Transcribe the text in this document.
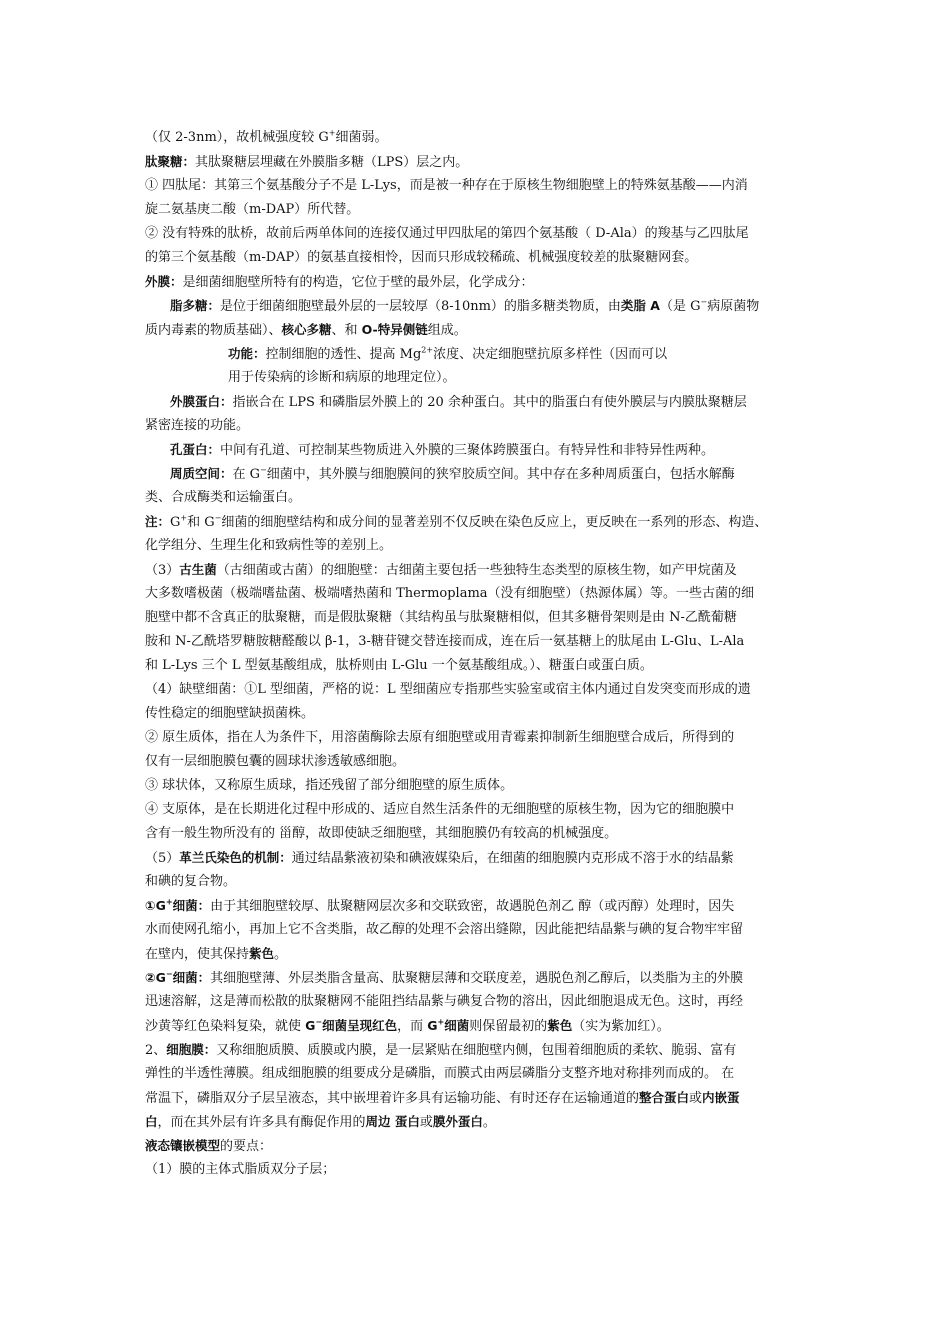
（仅 2-3nm），故机械强度较 G+细菌弱。
肽聚糖：其肽聚糖层埋藏在外膜脂多糖（LPS）层之内。
① 四肽尾：其第三个氨基酸分子不是 L-Lys，而是被一种存在于原核生物细胞壁上的特殊氨基酸——内消
旋二氨基庚二酸（m-DAP）所代替。
② 没有特殊的肽桥，故前后两单体间的连接仅通过甲四肽尾的第四个氨基酸（ D-Ala）的羧基与乙四肽尾
的第三个氨基酸（m-DAP）的氨基直接相怜，因而只形成较稀疏、机械强度较差的肽聚糖网套。
外膜：是细菌细胞壁所特有的构造，它位于壁的最外层，化学成分：
脂多糖：是位于细菌细胞壁最外层的一层较厚（8-10nm）的脂多糖类物质，由类脂 A（是 G−病原菌物
质内毒素的物质基础）、核心多糖、和 O-特异侧链组成。
功能：控制细胞的透性、提高 $Mg^{2+}$浓度、决定细胞壁抗原多样性（因而可以
用于传染病的诊断和病原的地理定位）。
外膜蛋白：指嵌合在 LPS 和磷脂层外膜上的 20 余种蛋白。其中的脂蛋白有使外膜层与内膜肽聚糖层
紧密连接的功能。
孔蛋白：中间有孔道、可控制某些物质进入外膜的三聚体跨膜蛋白。有特异性和非特异性两种。
周质空间：在 G−细菌中，其外膜与细胞膜间的狭窄胶质空间。其中存在多种周质蛋白，包括水解酶
类、合成酶类和运输蛋白。
注：G+和 G−细菌的细胞壁结构和成分间的显著差别不仅反映在染色反应上，更反映在一系列的形态、构造、
化学组分、生理生化和致病性等的差别上。
（3）古生菌（古细菌或古菌）的细胞壁：古细菌主要包括一些独特生态类型的原核生物，如产甲烷菌及
大多数嗜极菌（极端嗜盐菌、极端嗜热菌和 Thermoplama（没有细胞壁）（热源体属）等。一些古菌的细
胞壁中都不含真正的肽聚糖，而是假肽聚糖（其结构虽与肽聚糖相似，但其多糖骨架则是由 N-乙酰葡糖
胺和 N-乙酰塔罗糖胺糖醛酸以 β-1，3-糖苷键交替连接而成，连在后一氨基糖上的肽尾由 L-Glu、L-Ala
和 L-Lys 三个 L 型氨基酸组成，肽桥则由 L-Glu 一个氨基酸组成。）、糖蛋白或蛋白质。
（4）缺壁细菌：①L 型细菌，严格的说：L 型细菌应专指那些实验室或宿主体内通过自发突变而形成的遗
传性稳定的细胞壁缺损菌株。
② 原生质体，指在人为条件下，用溶菌酶除去原有细胞壁或用青霉素抑制新生细胞壁合成后，所得到的
仅有一层细胞膜包囊的圆球状渗透敏感细胞。
③ 球状体，又称原生质球，指还残留了部分细胞壁的原生质体。
④ 支原体，是在长期进化过程中形成的、适应自然生活条件的无细胞壁的原核生物，因为它的细胞膜中
含有一般生物所没有的 甾醇，故即使缺乏细胞壁，其细胞膜仍有较高的机械强度。
（5）革兰氏染色的机制：通过结晶紫液初染和碘液媒染后，在细菌的细胞膜内克形成不溶于水的结晶紫
和碘的复合物。
①G+细菌：由于其细胞壁较厚、肽聚糖网层次多和交联致密，故遇脱色剂乙 醇（或丙醇）处理时，因失
水而使网孔缩小，再加上它不含类脂，故乙醇的处理不会溶出缝隙，因此能把结晶紫与碘的复合物牢牢留
在壁内，使其保持紫色。
②G−细菌：其细胞壁薄、外层类脂含量高、肽聚糖层薄和交联度差，遇脱色剂乙醇后，以类脂为主的外膜
迅速溶解，这是薄而松散的肽聚糖网不能阻挡结晶紫与碘复合物的溶出，因此细胞退成无色。这时，再经
沙黄等红色染料复染，就使 G−细菌呈现红色，而 G+细菌则保留最初的紫色（实为紫加红）。
2、细胞膜：又称细胞质膜、质膜或内膜，是一层紧贴在细胞壁内侧，包围着细胞质的柔软、脆弱、富有
弹性的半透性薄膜。组成细胞膜的组要成分是磷脂，而膜式由两层磷脂分支整齐地对称排列而成的。 在
常温下，磷脂双分子层呈液态，其中嵌埋着许多具有运输功能、有时还存在运输通道的整合蛋白或内嵌蛋
白，而在其外层有许多具有酶促作用的周边 蛋白或膜外蛋白。
液态镶嵌模型的要点：
（1）膜的主体式脂质双分子层；
